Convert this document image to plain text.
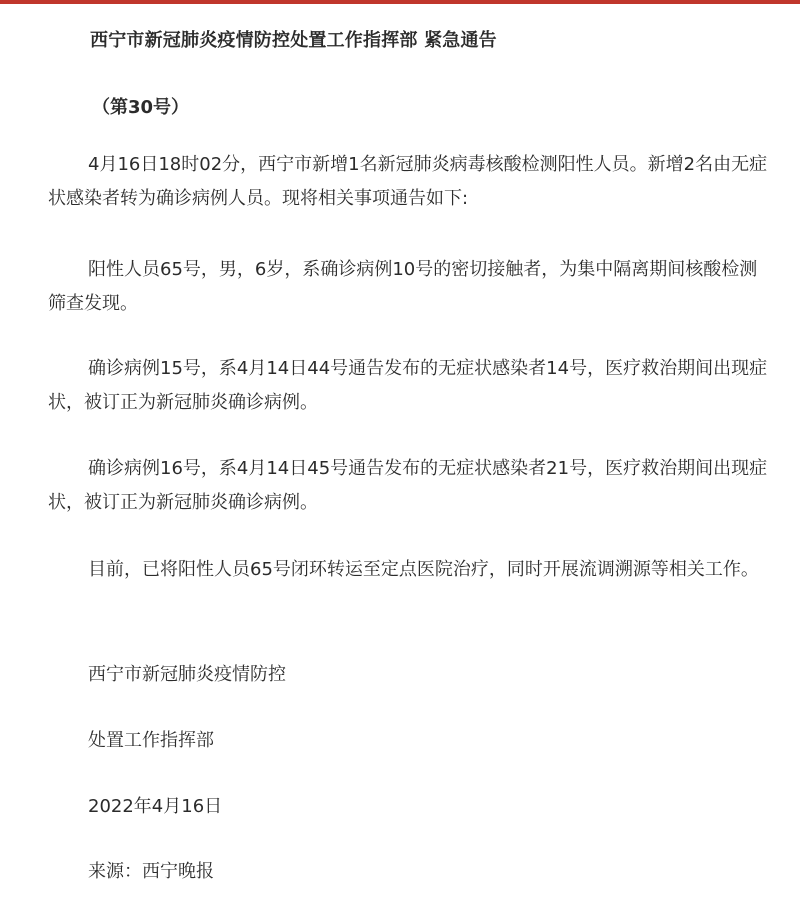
西宁市新冠肺炎疫情防控处置工作指挥部 紧急通告
（第30号）
4月16日18时02分，西宁市新增1名新冠肺炎病毒核酸检测阳性人员。新增2名由无症状感染者转为确诊病例人员。现将相关事项通告如下:
阳性人员65号，男，6岁，系确诊病例10号的密切接触者，为集中隔离期间核酸检测筛查发现。
确诊病例15号，系4月14日44号通告发布的无症状感染者14号，医疗救治期间出现症状，被订正为新冠肺炎确诊病例。
确诊病例16号，系4月14日45号通告发布的无症状感染者21号，医疗救治期间出现症状，被订正为新冠肺炎确诊病例。
目前，已将阳性人员65号闭环转运至定点医院治疗，同时开展流调溯源等相关工作。
西宁市新冠肺炎疫情防控
处置工作指挥部
2022年4月16日
来源：西宁晚报
